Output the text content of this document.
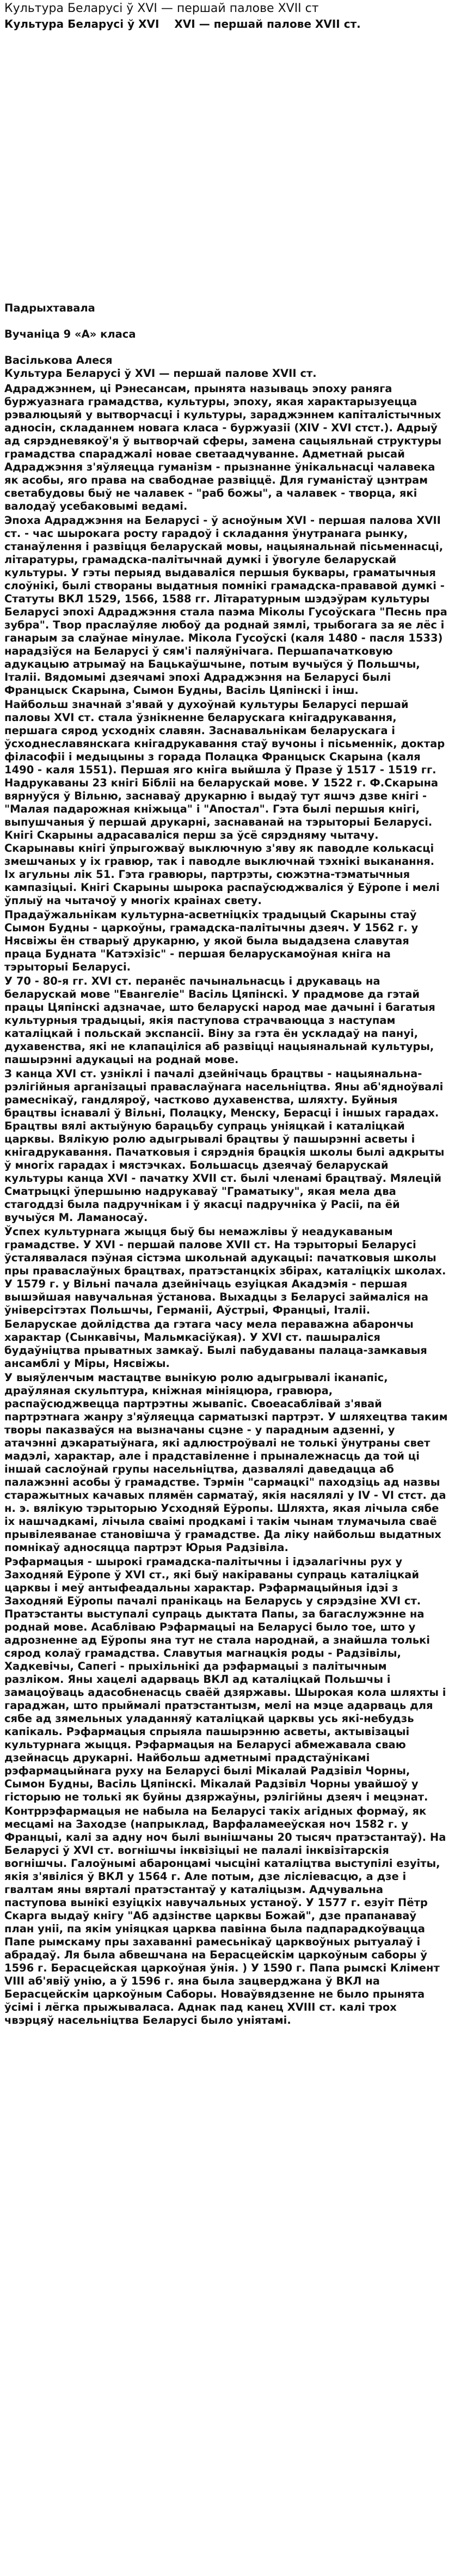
Культура Беларусі ў XVI — першай палове XVII ст
Культура Беларусі ў XVI XVI — першай палове XVII ст.
Падрыхтавала
Вучаніца 9 «А» класа
Васількова Алеся
Культура Беларусі ў XVI — першай палове XVII ст.

Адраджэннем, ці Рэнесансам, прынята называць эпоху раняга буржуазнага грамадства, культуры, эпоху, якая характарызуецца рэвалюцыяй у вытворчасці і культуры, зараджэннем капіталістычных адносін, складаннем новага класа - буржуазіі (XIV - XVI стст.). Адрыў ад сярэдневякоў'я ў вытворчай сферы, замена сацыяльнай структуры грамадства спараджалі новае светаадчуванне. Адметнай рысай Адраджэння з'яўляецца гуманізм - прызнанне ўнікальнасці чалавека як асобы, яго права на свабоднае развіццё. Для гуманістаў цэнтрам светабудовы быў не чалавек - "раб божы", а чалавек - творца, які валодаў усебаковымі ведамі.

Эпоха Адраджэння на Беларусі - ў асноўным XVI - першая палова XVII ст. - час шырокага росту гарадоў і складання ўнутранага рынку, станаўлення і развіцця беларускай мовы, нацыянальнай пісьменнасці, літаратуры, грамадска-палітычнай думкі і ўвогуле беларускай культуры. У гэты перыяд выдаваліся першыя буквары, граматычныя слоўнікі, былі створаны выдатныя помнікі грамадска-прававой думкі - Статуты ВКЛ 1529, 1566, 1588 гг. Літаратурным шэдэўрам культуры Беларусі эпохі Адраджэння стала паэма Міколы Гусоўскага "Песнь пра зубра". Твор праслаўляе любоў да роднай зямлі, трыбогага за яе лёс і ганарым за слаўнае мінулае. Мікола Гусоўскі (каля 1480 - пасля 1533) нарадзіўся на Беларусі ў сям'і паляўнічага. Першапачатковую адукацыю атрымаў на Бацькаўшчыне, потым вучыўся ў Польшчы, Італіі. Вядомымі дзеячамі эпохі Адраджэння на Беларусі былі Францыск Скарына, Сымон Будны, Васіль Цяпінскі і інш.

Найбольш значнай з'явай у духоўнай культуры Беларусі першай паловы XVI ст. стала ўзнікненне беларускага кнігадрукавання, першага сярод усходніх славян. Заснавальнікам беларускага і ўсходнеславянскага кнігадрукавання стаў вучоны і пісьменнік, доктар філасофіі і медыцыны з горада Полацка Францыск Скарына (каля 1490 - каля 1551). Першая яго кніга выйшла ў Празе ў 1517 - 1519 гг. Надрукаваны 23 кнігі Бібліі на беларускай мове. У 1522 г. Ф.Скарына вярнуўся ў Вільню, заснаваў друкарню і выдаў тут яшчэ дзве кнігі - "Малая падарожная кніжыца" і "Апостал". Гэта былі першыя кнігі, выпушчаныя ў першай друкарні, заснаванай на тэрыторыі Беларусі. Кнігі Скарыны адрасаваліся перш за ўсё сярэдняму чытачу. Скарынавы кнігі ўпрыгожваў выключную з'яву як паводле колькасці змешчаных у іх гравюр, так і паводле выключнай тэхнікі выканання. Іх агульны лік 51. Гэта гравюры, партрэты, сюжэтна-тэматычныя кампазіцыі. Кнігі Скарыны шырока распаўсюджваліся ў Еўропе і мелі ўплыў на чытачоў у многіх краінах свету.

Прадаўжальнікам культурна-асветніцкіх традыцый Скарыны стаў Сымон Будны - царкоўны, грамадска-палітычны дзеяч. У 1562 г. у Нясвіжы ён стварыў друкарню, у якой была выдадзена славутая праца Будната "Катэхізіс" - першая беларускамоўная кніга на тэрыторыі Беларусі.

У 70 - 80-я гг. XVI ст. перанёс пачынальнасць і друкаваць на беларускай мове "Евангеліе" Васіль Цяпінскі. У прадмове да гэтай працы Цяпінскі адзначае, што беларускі народ мае дачыні і багатыя культурныя традыцыі, якія паступова страчваюцца з наступам каталіцкай і польскай экспансіі. Віну за гэта ён ускладаў на пануі, духавенства, які не клапаціліся аб развіцці нацыянальнай культуры, пашырэнні адукацыі на роднай мове.

З канца XVI ст. узніклі і пачалі дзейнічаць брацтвы - нацыянальна-рэлігійныя арганізацыі праваслаўнага насельніцтва. Яны аб'ядноўвалі рамеснікаў, гандляроў, частково духавенства, шляхту. Буйныя брацтвы існавалі ў Вільні, Полацку, Менску, Берасці і іншых гарадах. Брацтвы вялі актыўную барацьбу супраць уніяцкай і каталіцкай царквы. Вялікую ролю адыгрывалі брацтвы ў пашырэнні асветы і кнігадрукавання. Пачатковыя і сярэднія брацкія школы былі адкрыты ў многіх гарадах і мястэчках. Большасць дзеячаў беларускай культуры канца XVI - пачатку XVII ст. былі членамі брацтваў. Мялецій Сматрыцкі ўпершыню надрукаваў "Граматыку", якая мела два стагоддзі была падручнікам і ў якасці падручніка ў Расіі, па ёй вучыўся М. Ламаносаў.

Ўспех культурнага жыцця быў бы немажлівы ў неадукаваным грамадстве. У XVI - першай палове XVII ст. На тэрыторыі Беларусі ўсталявалася пэўная сістэма школьнай адукацыі: пачатковыя школы пры праваслаўных брацтвах, пратэстанцкіх збірах, каталіцкіх школах. У 1579 г. у Вільні пачала дзейнічаць езуіцкая Акадэмія - першая вышэйшая навучальная ўстанова. Выхадцы з Беларусі займаліся на ўніверсітэтах Польшчы, Германіі, Аўстрыі, Францыі, Італіі.

Беларускае дойлідства да гэтага часу мела пераважна абарончы характар (Сынкавічы, Мальмкасіўкая). У XVI ст. пашыраліся будаўніцтва прыватных замкаў. Былі пабудаваны палаца-замкавыя ансамблі у Міры, Нясвіжы.

У выяўленчым мастацтве вынікую ролю адыгрывалі іканапіс, драўляная скульптура, кніжная мініяцюра, гравюра, распаўсюджвецца партрэтны жывапіс. Своеасаблівай з'явай партрэтнага жанру з'яўляецца сарматызкі партрэт. У шляхецтва таким творы паказваўся на вызначаны сцэне - у парадным адзенні, у атачэнні дэкаратыўнага, які адлюстроўвалі не толькі ўнутраны свет мадэлі, характар, але і прадставіленне і прыналежнасць да той ці іншай саслоўнай групы насельніцтва, дазвалялі даведацца аб палажэнні асобы ў грамадстве. Тэрмін "сармацкі" паходзіць ад назвы старажытных качавых плямён сарматаў, якія насялялі у IV - VI стст. да н. э. вялікую тэрыторыю Усходняй Еўропы. Шляхта, якая лічыла сябе іх нашчадкамі, лічыла сваімі продкамі і такім чынам тлумачыла сваё прывілеяванае становішча ў грамадстве. Да ліку найбольш выдатных помнікаў адносяцца партрэт Юрыя Радзівіла.

Рэфармацыя - шырокі грамадска-палітычны і ідэалагічны рух у Заходняй Еўропе ў XVI ст., які быў накіраваны супраць каталіцкай царквы і меў антыфеадальны характар. Рэфармацыйныя ідэі з Заходняй Еўропы пачалі пранікаць на Беларусь у сярэдзіне XVI ст. Пратэстанты выступалі супраць дыктата Папы, за багаслужэнне на роднай мове. Асабліваю Рэфармацыі на Беларусі было тое, што у адрозненне ад Еўропы яна тут не стала народнай, а знайшла толькі сярод колаў грамадства. Славутыя магнацкія роды - Радзівілы, Хадкевічы, Сапегі - прыхільнікі да рэфармацыі з палітычным разліком. Яны хацелі адарваць ВКЛ ад каталіцкай Польшчы і замацоўваць адасобненасць сваёй дзяржавы. Шырокая кола шляхты і гараджан, што прыймалі пратэстантызм, мелі на мэце адарваць для сябе ад зямельных уладанняў каталіцкай царквы усь які-небудзь капікаль. Рэфармацыя спрыяла пашырэнню асветы, актывізацыі культурнага жыцця. Рэфармацыя на Беларусі абмежавала сваю дзейнасць друкарні. Найбольш адметнымі прадстаўнікамі рэфармацыйнага руху на Беларусі былі Мікалай Радзівіл Чорны, Сымон Будны, Васіль Цяпінскі. Мікалай Радзівіл Чорны увайшоў у гісторыю не толькі як буйны дзяржаўны, рэлігійны дзеяч і мецэнат.

Контррэфармацыя не набыла на Беларусі такіх агідных формаў, як месцамі на Заходзе (напрыклад, Варфаламееўская ноч 1582 г. у Францыі, калі за адну ноч былі вынішчаны 20 тысяч пратэстантаў). На Беларусі ў XVI ст. вогнішчы інквізіцыі не палалі інквізітарскія вогнішчы. Галоўнымі абаронцамі чысціні каталіцтва выступілі езуіты, якія з'явіліся ў ВКЛ у 1564 г. Але потым, дзе лісліевасцю, а дзе і гвалтам яны вярталі пратэстантаў у каталіцызм. Адчувальна паступова вынікі езуіцкіх навучальных устаноў. У 1577 г. езуіт Пётр Скарга выдаў кнігу "Аб адзінстве царквы Божай", дзе прапанаваў план уніі, па якім уніяцкая царква павінна была падпарадкоўвацца Папе рымскаму пры захаванні рамесьнікаў царквоўных рытуалаў і абрадаў. Ля была абвешчана на Берасцейскім царкоўным саборы ў 1596 г. Берасцейская царкоўная ўнія. ) У 1590 г. Папа рымскі Клімент VIII аб'явіў унію, а ў 1596 г. яна была зацверджана ў ВКЛ на Берасцейскім царкоўным Саборы. Новаўвядзенне не было прынята ўсімі і лёгка прыжываласа. Аднак пад канец XVIII ст. калі трох чвэрцяў насельніцтва Беларусі было уніятамі.
